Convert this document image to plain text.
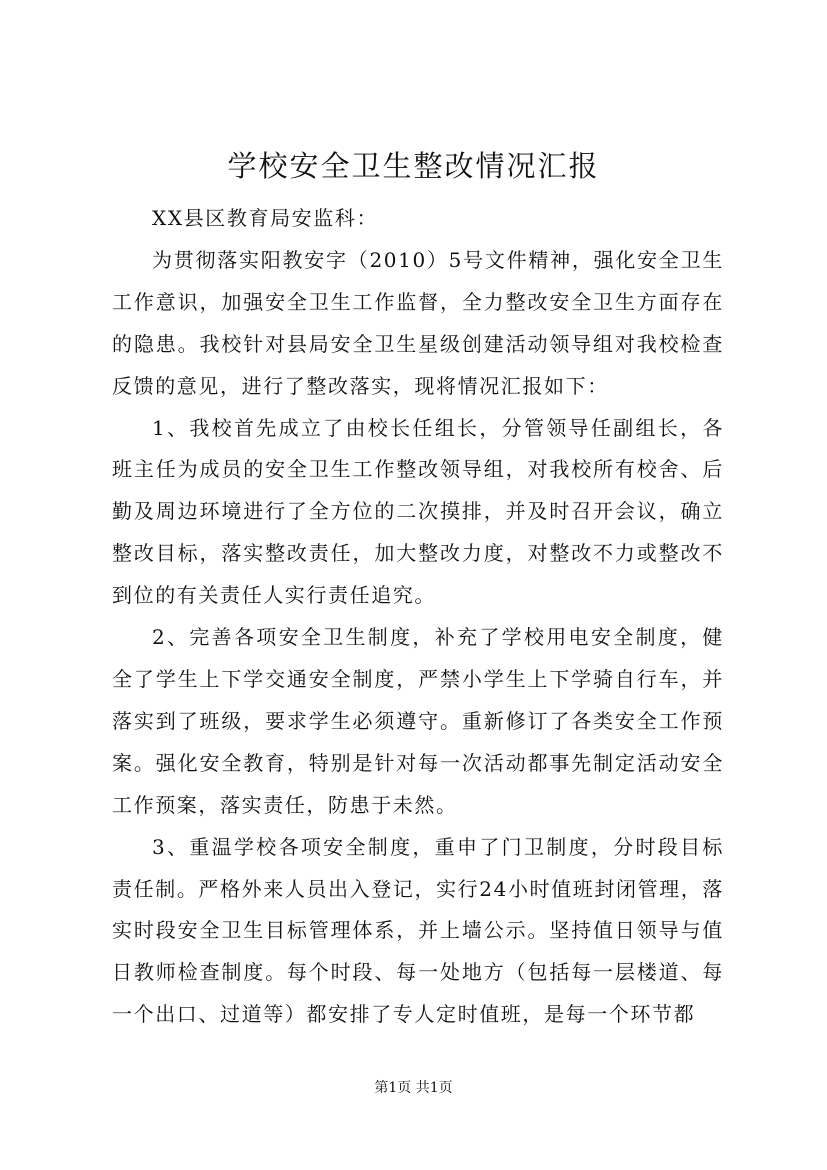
学校安全卫生整改情况汇报

XX县区教育局安监科：

为贯彻落实阳教安字（2010）5号文件精神，强化安全卫生工作意识，加强安全卫生工作监督，全力整改安全卫生方面存在的隐患。我校针对县局安全卫生星级创建活动领导组对我校检查反馈的意见，进行了整改落实，现将情况汇报如下：

1、我校首先成立了由校长任组长，分管领导任副组长，各班主任为成员的安全卫生工作整改领导组，对我校所有校舍、后勤及周边环境进行了全方位的二次摸排，并及时召开会议，确立整改目标，落实整改责任，加大整改力度，对整改不力或整改不到位的有关责任人实行责任追究。

2、完善各项安全卫生制度，补充了学校用电安全制度，健全了学生上下学交通安全制度，严禁小学生上下学骑自行车，并落实到了班级，要求学生必须遵守。重新修订了各类安全工作预案。强化安全教育，特别是针对每一次活动都事先制定活动安全工作预案，落实责任，防患于未然。

3、重温学校各项安全制度，重申了门卫制度，分时段目标责任制。严格外来人员出入登记，实行24小时值班封闭管理，落实时段安全卫生目标管理体系，并上墙公示。坚持值日领导与值日教师检查制度。每个时段、每一处地方（包括每一层楼道、每一个出口、过道等）都安排了专人定时值班，是每一个环节都

第1页 共1页
